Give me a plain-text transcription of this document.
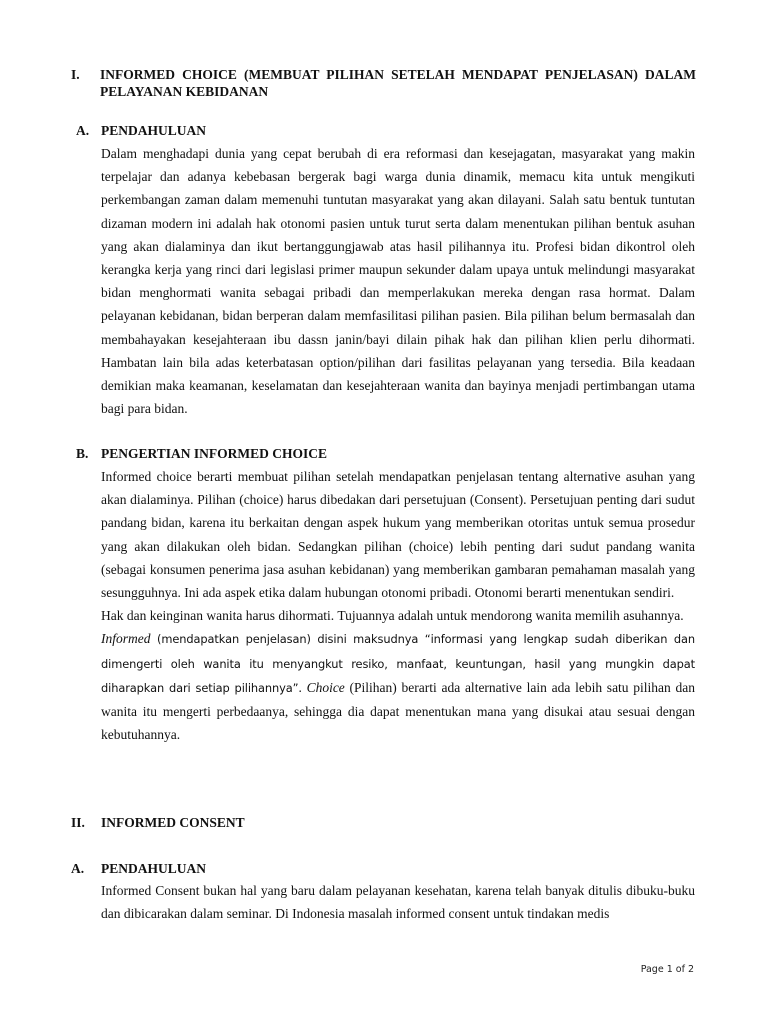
I. INFORMED CHOICE (MEMBUAT PILIHAN SETELAH MENDAPAT PENJELASAN) DALAM PELAYANAN KEBIDANAN
A. PENDAHULUAN

Dalam menghadapi dunia yang cepat berubah di era reformasi dan kesejagatan, masyarakat yang makin terpelajar dan adanya kebebasan bergerak bagi warga dunia dinamik, memacu kita untuk mengikuti perkembangan zaman dalam memenuhi tuntutan masyarakat yang akan dilayani. Salah satu bentuk tuntutan dizaman modern ini adalah hak otonomi pasien untuk turut serta dalam menentukan pilihan bentuk asuhan yang akan dialaminya dan ikut bertanggungjawab atas hasil pilihannya itu. Profesi bidan dikontrol oleh kerangka kerja yang rinci dari legislasi primer maupun sekunder dalam upaya untuk melindungi masyarakat bidan menghormati wanita sebagai pribadi dan memperlakukan mereka dengan rasa hormat. Dalam pelayanan kebidanan, bidan berperan dalam memfasilitasi pilihan pasien. Bila pilihan belum bermasalah dan membahayakan kesejahteraan ibu dassn janin/bayi dilain pihak hak dan pilihan klien perlu dihormati. Hambatan lain bila adas keterbatasan option/pilihan dari fasilitas pelayanan yang tersedia. Bila keadaan demikian maka keamanan, keselamatan dan kesejahteraan wanita dan bayinya menjadi pertimbangan utama bagi para bidan.

B. PENGERTIAN INFORMED CHOICE

Informed choice berarti membuat pilihan setelah mendapatkan penjelasan tentang alternative asuhan yang akan dialaminya. Pilihan (choice) harus dibedakan dari persetujuan (Consent). Persetujuan penting dari sudut pandang bidan, karena itu berkaitan dengan aspek hukum yang memberikan otoritas untuk semua prosedur yang akan dilakukan oleh bidan. Sedangkan pilihan (choice) lebih penting dari sudut pandang wanita (sebagai konsumen penerima jasa asuhan kebidanan) yang memberikan gambaran pemahaman masalah yang sesungguhnya. Ini ada aspek etika dalam hubungan otonomi pribadi. Otonomi berarti menentukan sendiri.

Hak dan keinginan wanita harus dihormati. Tujuannya adalah untuk mendorong wanita memilih asuhannya.

Informed (mendapatkan penjelasan) disini maksudnya “informasi yang lengkap sudah diberikan dan dimengerti oleh wanita itu menyangkut resiko, manfaat, keuntungan, hasil yang mungkin dapat diharapkan dari setiap pilihannya”. Choice (Pilihan) berarti ada alternative lain ada lebih satu pilihan dan wanita itu mengerti perbedaanya, sehingga dia dapat menentukan mana yang disukai atau sesuai dengan kebutuhannya.

II. INFORMED CONSENT
A. PENDAHULUAN

Informed Consent bukan hal yang baru dalam pelayanan kesehatan, karena telah banyak ditulis dibuku-buku dan dibicarakan dalam seminar. Di Indonesia masalah informed consent untuk tindakan medis

Page 1 of 2
